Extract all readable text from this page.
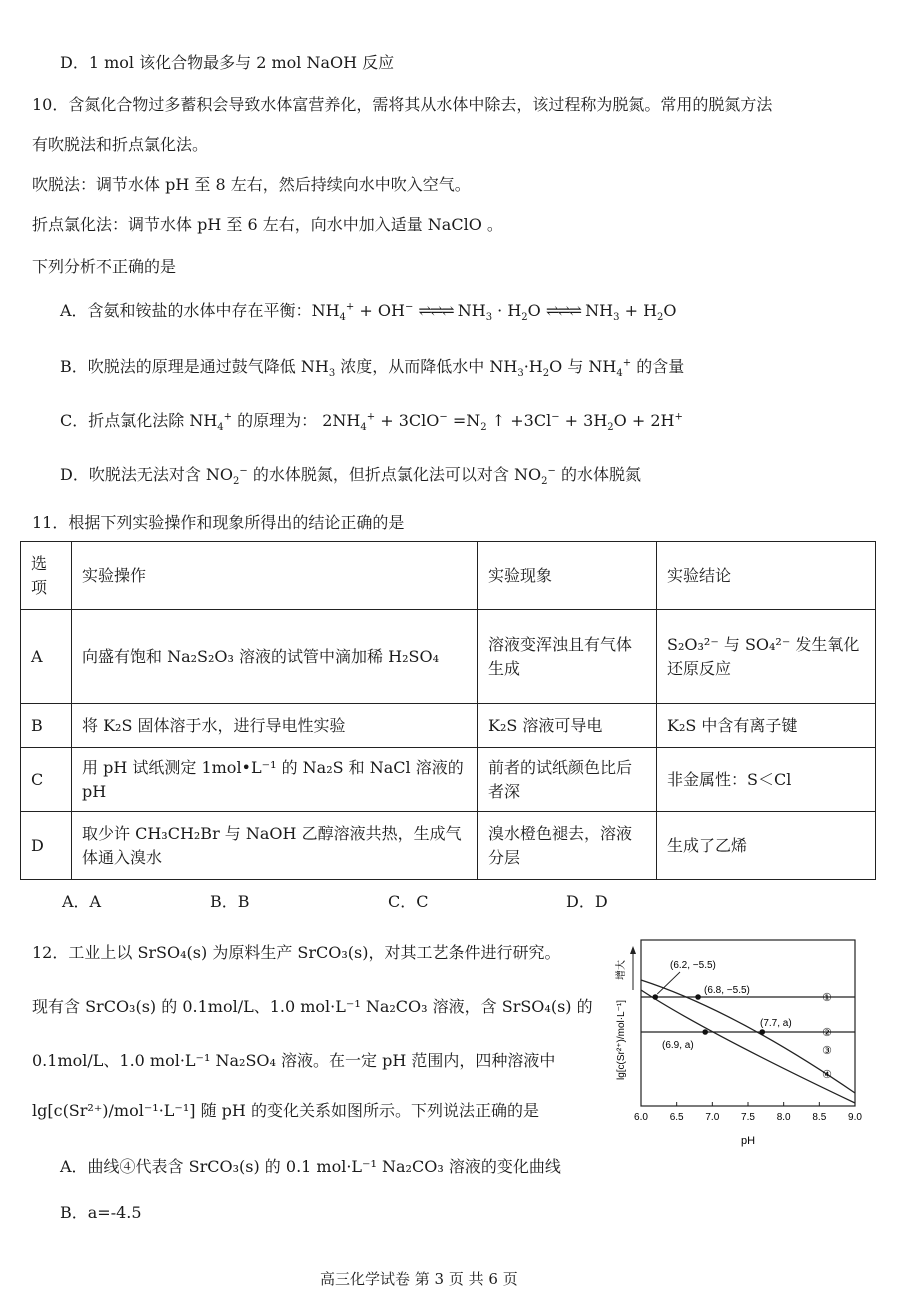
D．1 mol 该化合物最多与 2 mol NaOH 反应
10．含氮化合物过多蓄积会导致水体富营养化，需将其从水体中除去，该过程称为脱氮。常用的脱氮方法
有吹脱法和折点氯化法。
吹脱法：调节水体 pH 至 8 左右，然后持续向水中吹入空气。
折点氯化法：调节水体 pH 至 6 左右，向水中加入适量 NaClO 。
下列分析不正确的是
A．含氨和铵盐的水体中存在平衡：$NH_4^+ + OH^-$ ⇌⇌⇌ $NH_3 \cdot H_2O$ ⇌⇌⇌ $NH_3 + H_2O$
B．吹脱法的原理是通过鼓气降低 $NH_3$ 浓度，从而降低水中 $NH_3\cdot H_2O$ 与 $NH_4^+$ 的含量
C．折点氯化法除 $NH_4^+$ 的原理为： $2NH_4^+ + 3ClO^- =N_2$ ↑ $+3Cl^- + 3H_2O + 2H^+$
D．吹脱法无法对含 $NO_2^-$ 的水体脱氮，但折点氯化法可以对含 $NO_2^-$ 的水体脱氮
11．根据下列实验操作和现象所得出的结论正确的是
选项	实验操作	实验现象	实验结论
A	向盛有饱和 Na₂S₂O₃ 溶液的试管中滴加稀 H₂SO₄	溶液变浑浊且有气体生成	S₂O₃²⁻ 与 SO₄²⁻ 发生氧化还原反应
B	将 K₂S 固体溶于水，进行导电性实验	K₂S 溶液可导电	K₂S 中含有离子键
C	用 pH 试纸测定 1mol•L⁻¹ 的 Na₂S 和 NaCl 溶液的 pH	前者的试纸颜色比后者深	非金属性：S＜Cl
D	取少许 CH₃CH₂Br 与 NaOH 乙醇溶液共热，生成气体通入溴水	溴水橙色褪去，溶液分层	生成了乙烯
A．A	B．B	C．C	D．D
12．工业上以 SrSO₄(s) 为原料生产 SrCO₃(s)，对其工艺条件进行研究。
现有含 SrCO₃(s) 的 0.1mol/L、1.0 mol·L⁻¹ Na₂CO₃ 溶液，含 SrSO₄(s) 的
0.1mol/L、1.0 mol·L⁻¹ Na₂SO₄ 溶液。在一定 pH 范围内，四种溶液中
lg[c(Sr²⁺)/mol⁻¹·L⁻¹] 随 pH 的变化关系如图所示。下列说法正确的是
A．曲线④代表含 SrCO₃(s) 的 0.1 mol·L⁻¹ Na₂CO₃ 溶液的变化曲线
B．a=-4.5
6.0 6.5 7.0 7.5 8.0 8.5 9.0
pH
lg[c(Sr²⁺)/mol·L⁻¹]
增大	(6.2, −5.5)
(6.8, −5.5)
(7.7, a)
(6.9, a)
①
②
③
④
高三化学试卷 第 3 页 共 6 页
